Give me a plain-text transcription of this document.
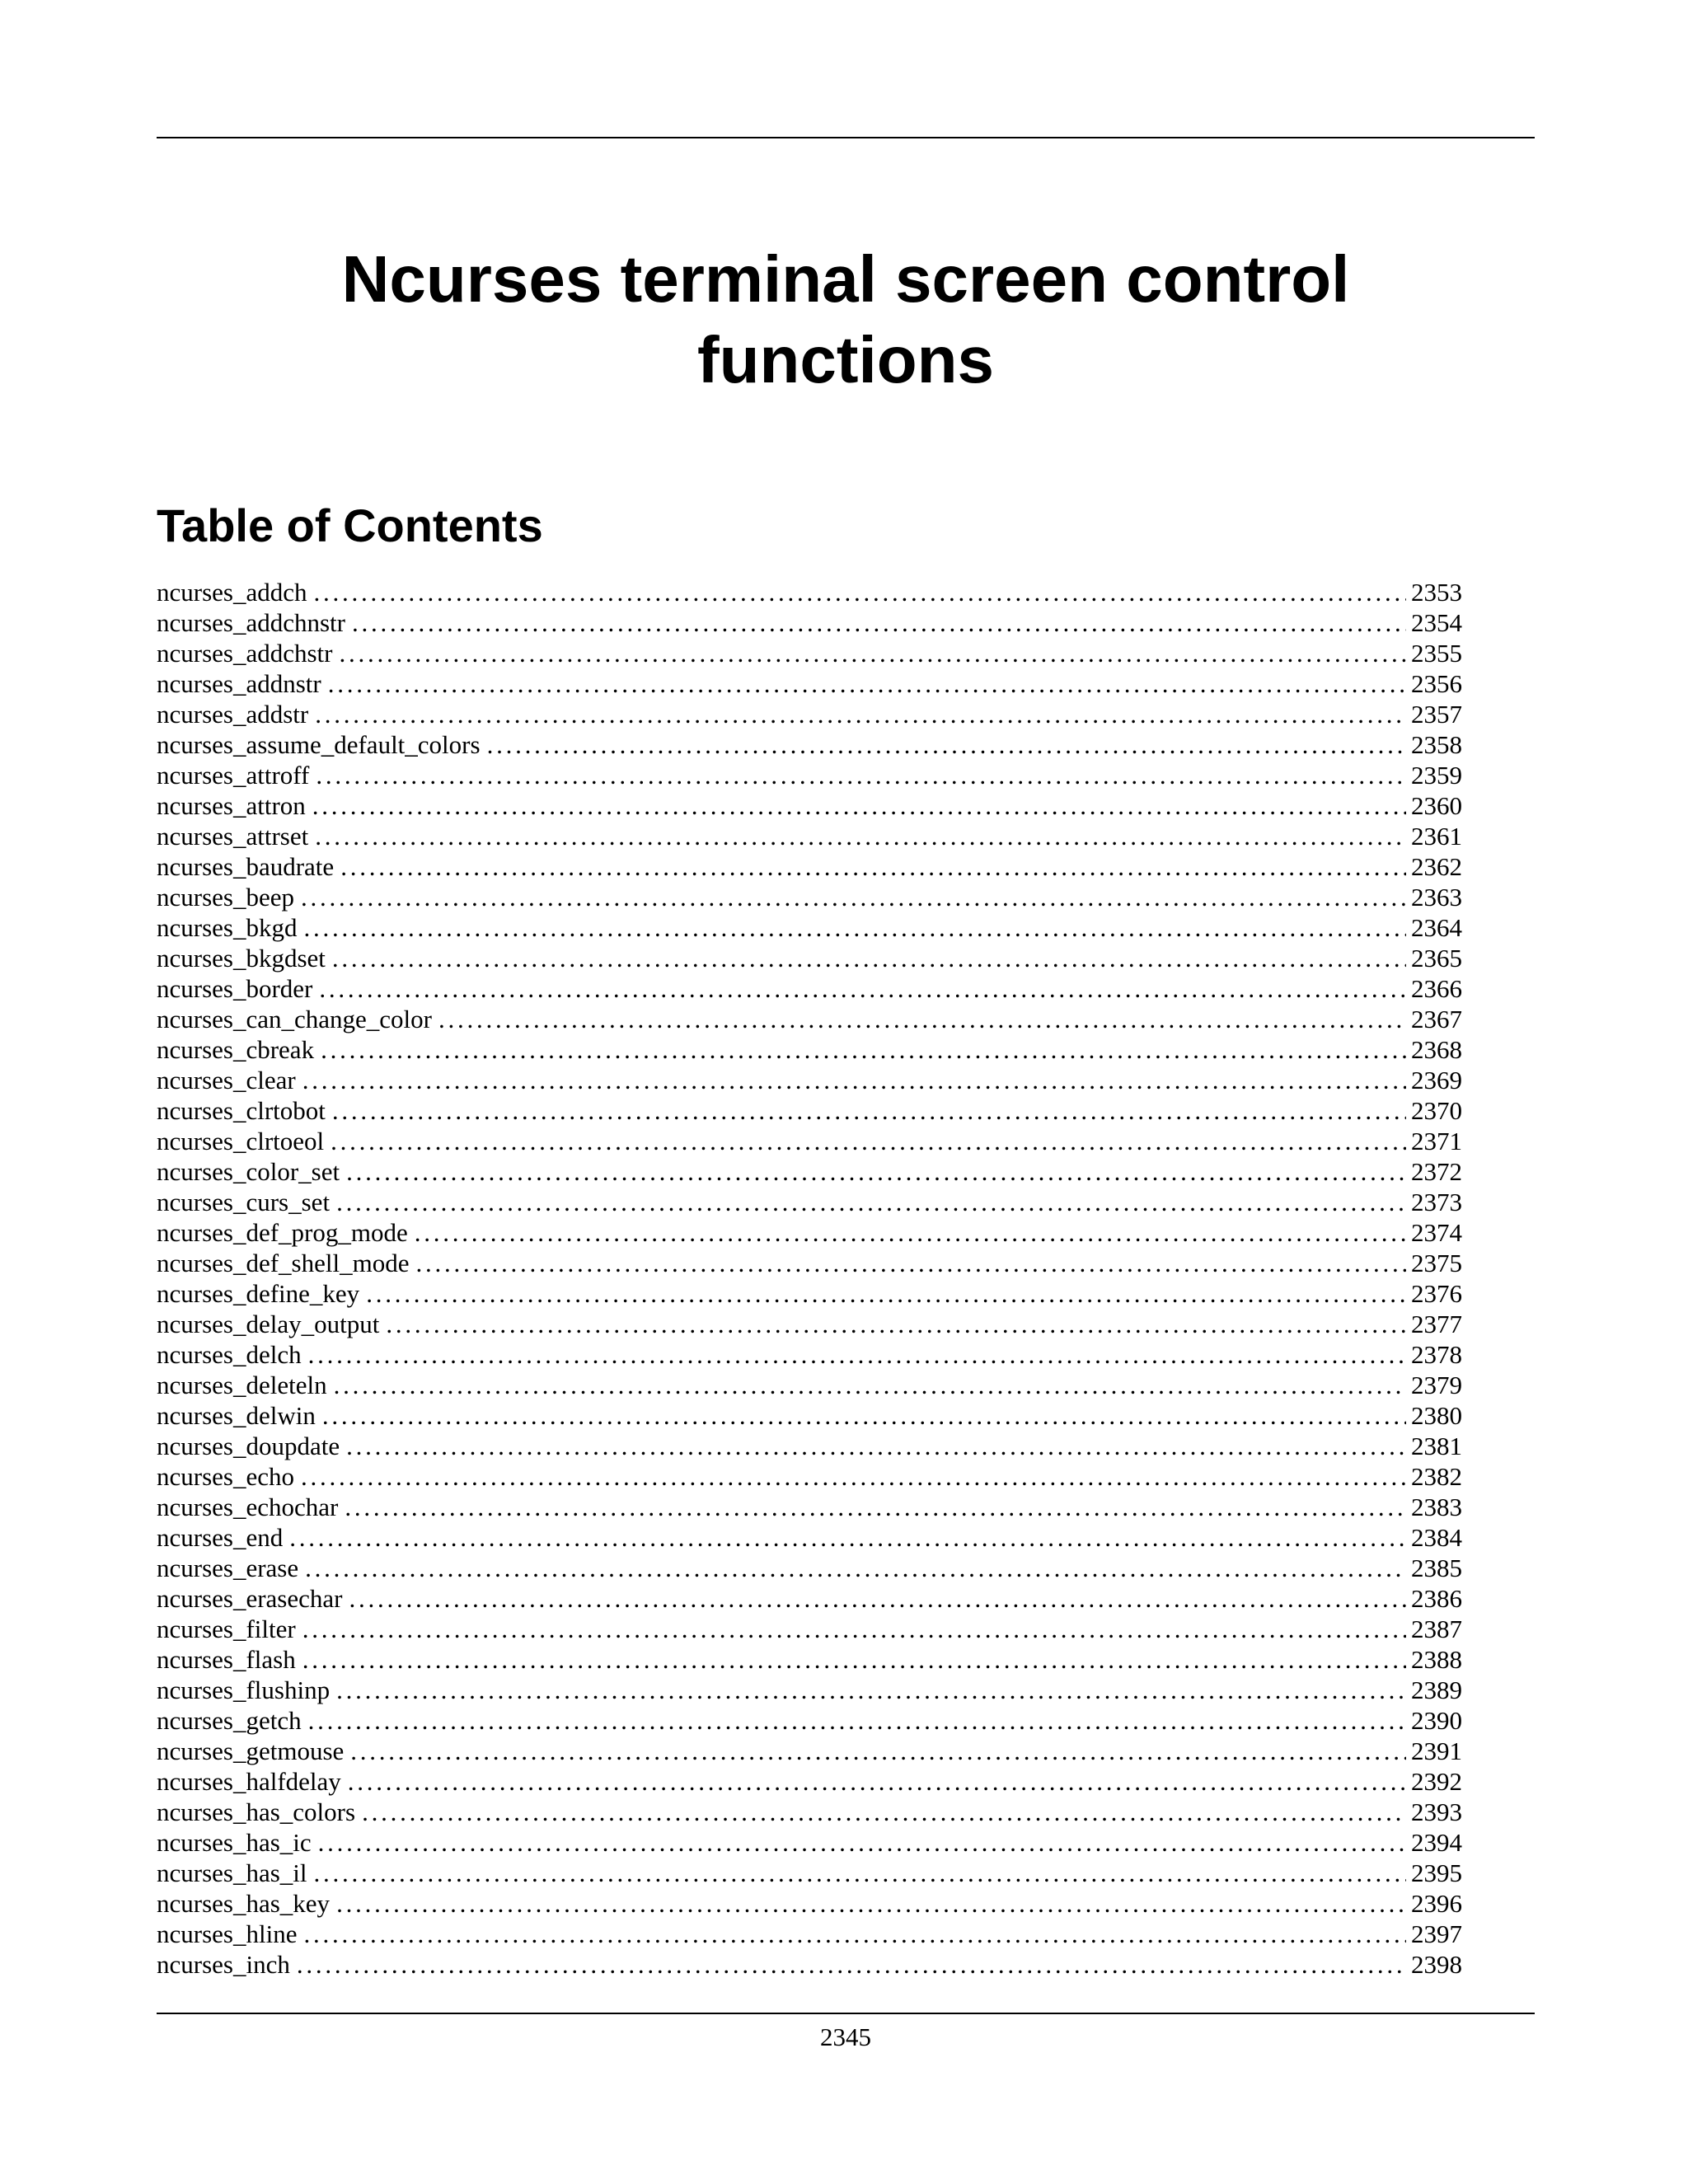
Ncurses terminal screen control
functions
Table of Contents
ncurses_addch . . .	2353
ncurses_addchnstr . . .	2354
ncurses_addchstr . . .	2355
ncurses_addnstr . . .	2356
ncurses_addstr . . .	2357
ncurses_assume_default_colors . . .	2358
ncurses_attroff . . .	2359
ncurses_attron . . .	2360
ncurses_attrset . . .	2361
ncurses_baudrate . . .	2362
ncurses_beep . . .	2363
ncurses_bkgd . . .	2364
ncurses_bkgdset . . .	2365
ncurses_border . . .	2366
ncurses_can_change_color . . .	2367
ncurses_cbreak . . .	2368
ncurses_clear . . .	2369
ncurses_clrtobot . . .	2370
ncurses_clrtoeol . . .	2371
ncurses_color_set . . .	2372
ncurses_curs_set . . .	2373
ncurses_def_prog_mode . . .	2374
ncurses_def_shell_mode . . .	2375
ncurses_define_key . . .	2376
ncurses_delay_output . . .	2377
ncurses_delch . . .	2378
ncurses_deleteln . . .	2379
ncurses_delwin . . .	2380
ncurses_doupdate . . .	2381
ncurses_echo . . .	2382
ncurses_echochar . . .	2383
ncurses_end . . .	2384
ncurses_erase . . .	2385
ncurses_erasechar . . .	2386
ncurses_filter . . .	2387
ncurses_flash . . .	2388
ncurses_flushinp . . .	2389
ncurses_getch . . .	2390
ncurses_getmouse . . .	2391
ncurses_halfdelay . . .	2392
ncurses_has_colors . . .	2393
ncurses_has_ic . . .	2394
ncurses_has_il . . .	2395
ncurses_has_key . . .	2396
ncurses_hline . . .	2397
ncurses_inch . . .	2398
2345
